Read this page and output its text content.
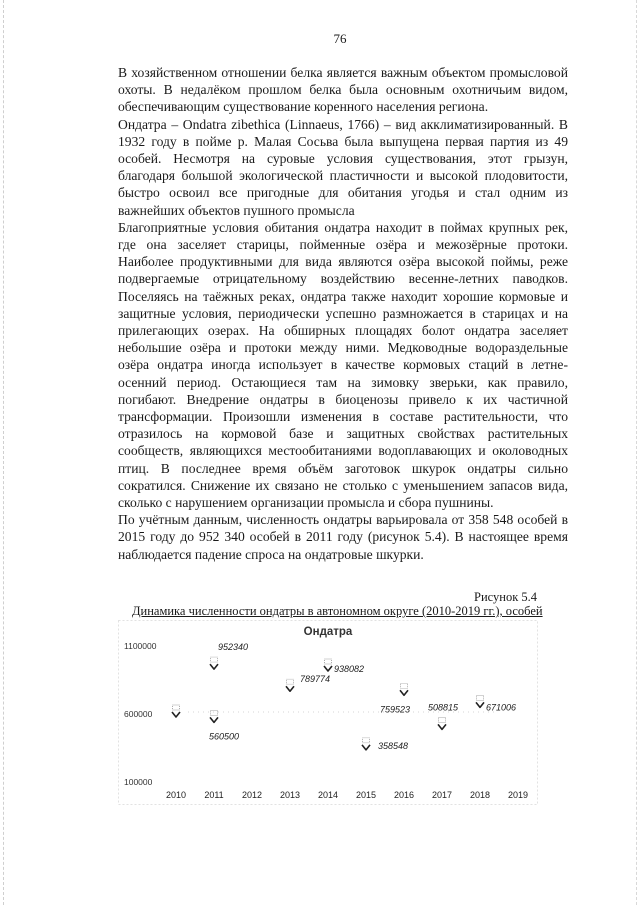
76

В хозяйственном отношении белка является важным объектом промысловой охоты. В недалёком прошлом белка была основным охотничьим видом, обеспечивающим существование коренного населения региона.

Ондатра – Ondatra zibethica (Linnaeus, 1766) – вид акклиматизированный. В 1932 году в пойме р. Малая Сосьва была выпущена первая партия из 49 особей. Несмотря на суровые условия существования, этот грызун, благодаря большой экологической пластичности и высокой плодовитости, быстро освоил все пригодные для обитания угодья и стал одним из важнейших объектов пушного промысла

Благоприятные условия обитания ондатра находит в поймах крупных рек, где она заселяет старицы, пойменные озёра и межозёрные протоки. Наиболее продуктивными для вида являются озёра высокой поймы, реже подвергаемые отрицательному воздействию весенне-летних паводков. Поселяясь на таёжных реках, ондатра также находит хорошие кормовые и защитные условия, периодически успешно размножается в старицах и на прилегающих озерах. На обширных площадях болот ондатра заселяет небольшие озёра и протоки между ними. Медководные водораздельные озёра ондатра иногда использует в качестве кормовых стаций в летне-осенний период. Остающиеся там на зимовку зверьки, как правило, погибают. Внедрение ондатры в биоценозы привело к их частичной трансформации. Произошли изменения в составе растительности, что отразилось на кормовой базе и защитных свойствах растительных сообществ, являющихся местообитаниями водоплавающих и околоводных птиц. В последнее время объём заготовок шкурок ондатры сильно сократился. Снижение их связано не столько с уменьшением запасов вида, сколько с нарушением организации промысла и сбора пушнины.

По учётным данным, численность ондатры варьировала от 358 548 особей в 2015 году до 952 340 особей в 2011 году (рисунок 5.4). В настоящее время наблюдается падение спроса на ондатровые шкурки.

Рисунок 5.4
Динамика численности ондатры в автономном округе (2010-2019 гг.), особей
Ондатра
1100000
600000
100000
2010 2011 2012 2013 2014 2015 2016 2017 2018 2019
560500
952340
789774
938082
358548
759523 508815	671006
